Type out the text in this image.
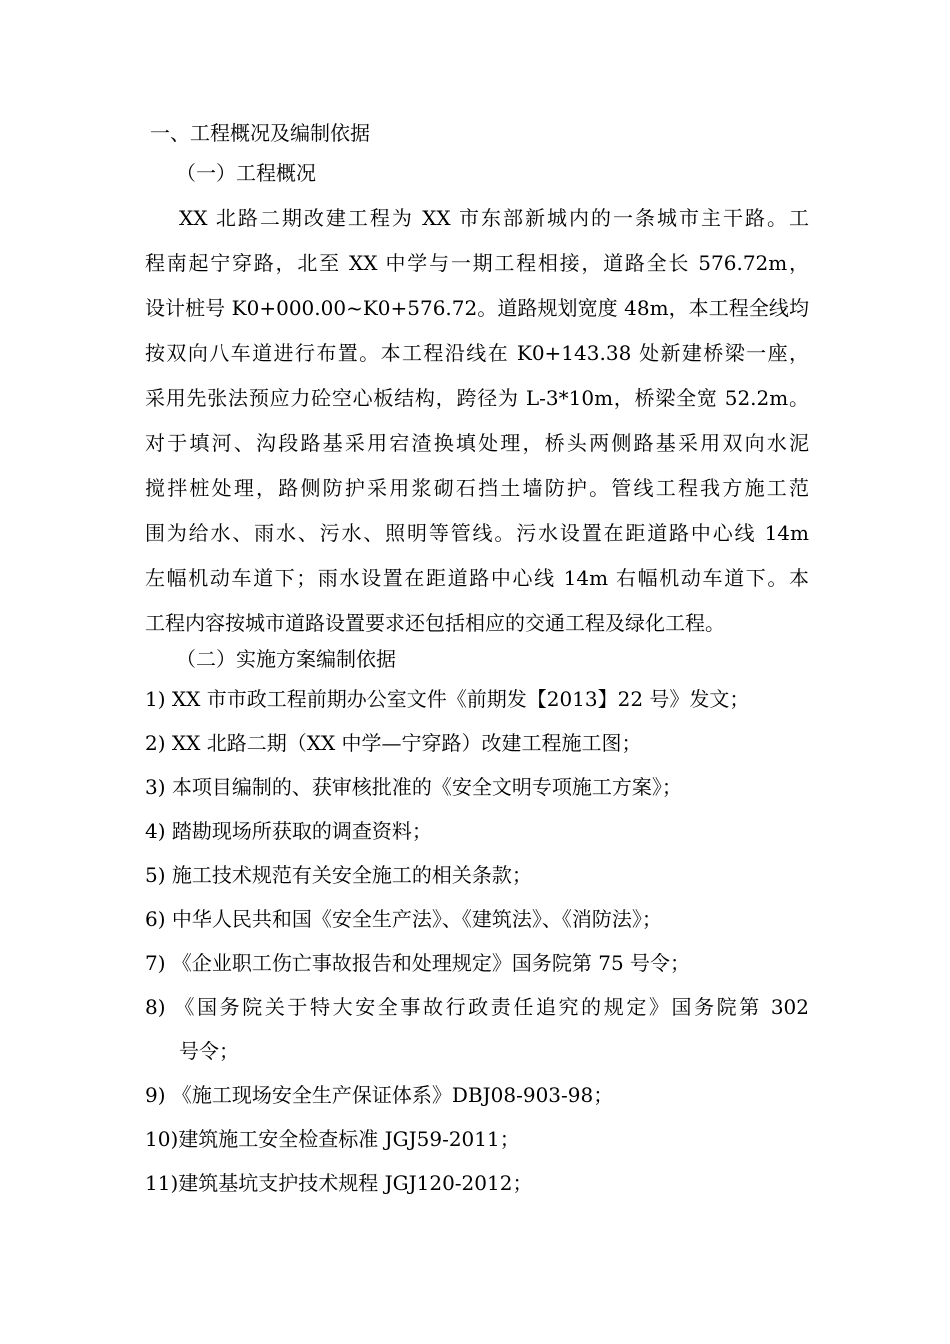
一、工程概况及编制依据
（一）工程概况
XX 北路二期改建工程为 XX 市东部新城内的一条城市主干路。工
程南起宁穿路，北至 XX 中学与一期工程相接，道路全长 576.72m，
设计桩号 K0+000.00~K0+576.72。道路规划宽度 48m，本工程全线均
按双向八车道进行布置。本工程沿线在 K0+143.38 处新建桥梁一座，
采用先张法预应力砼空心板结构，跨径为 L-3*10m，桥梁全宽 52.2m。
对于填河、沟段路基采用宕渣换填处理，桥头两侧路基采用双向水泥
搅拌桩处理，路侧防护采用浆砌石挡土墙防护。管线工程我方施工范
围为给水、雨水、污水、照明等管线。污水设置在距道路中心线 14m
左幅机动车道下；雨水设置在距道路中心线 14m 右幅机动车道下。本
工程内容按城市道路设置要求还包括相应的交通工程及绿化工程。
（二）实施方案编制依据
1) XX 市市政工程前期办公室文件《前期发【2013】22 号》发文；
2) XX 北路二期（XX 中学—宁穿路）改建工程施工图；
3) 本项目编制的、获审核批准的《安全文明专项施工方案》；
4) 踏勘现场所获取的调查资料；
5) 施工技术规范有关安全施工的相关条款；
6) 中华人民共和国《安全生产法》、《建筑法》、《消防法》；
7) 《企业职工伤亡事故报告和处理规定》国务院第 75 号令；
8) 《国务院关于特大安全事故行政责任追究的规定》国务院第 302
号令；
9) 《施工现场安全生产保证体系》DBJ08-903-98；
10)建筑施工安全检查标准 JGJ59-2011；
11)建筑基坑支护技术规程 JGJ120-2012；
